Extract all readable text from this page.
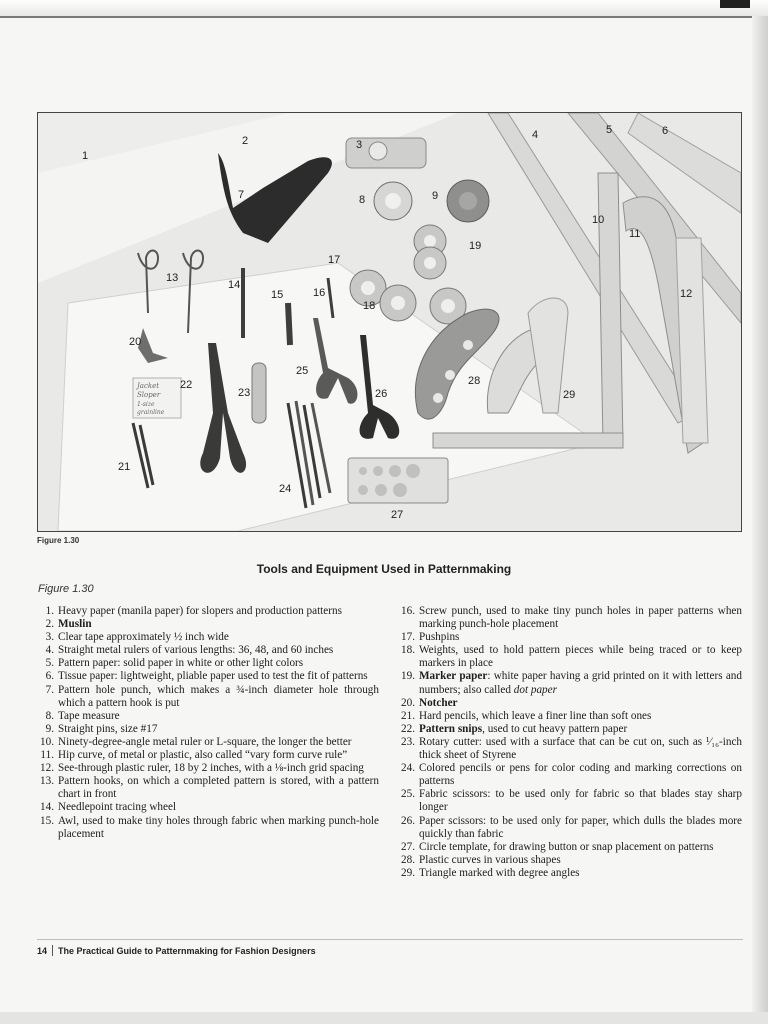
Jacket
Sloper
1-size
grainline
1
2	3
4	5	6
7	8	9
10
11
12
13
14
15	16
17
18
19
20
21
22
23
24
25
26
27
28
29
Figure 1.30
Tools and Equipment Used in Patternmaking
Figure 1.30
1. Heavy paper (manila paper) for slopers and production patterns
2. Muslin
3. Clear tape approximately ½ inch wide
4. Straight metal rulers of various lengths: 36, 48, and 60 inches
5. Pattern paper: solid paper in white or other light colors
6. Tissue paper: lightweight, pliable paper used to test the fit of patterns
7. Pattern hole punch, which makes a ¾-inch diameter hole through which a pattern hook is put
8. Tape measure
9. Straight pins, size #17
10. Ninety-degree-angle metal ruler or L-square, the longer the better
11. Hip curve, of metal or plastic, also called “vary form curve rule”
12. See-through plastic ruler, 18 by 2 inches, with a ⅛-inch grid spacing
13. Pattern hooks, on which a completed pattern is stored, with a pattern chart in front
14. Needlepoint tracing wheel
15. Awl, used to make tiny holes through fabric when marking punch-hole placement
16. Screw punch, used to make tiny punch holes in paper patterns when marking punch-hole placement
17. Pushpins
18. Weights, used to hold pattern pieces while being traced or to keep markers in place
19. Marker paper: white paper having a grid printed on it with letters and numbers; also called dot paper
20. Notcher
21. Hard pencils, which leave a finer line than soft ones
22. Pattern snips, used to cut heavy pattern paper
23. Rotary cutter: used with a surface that can be cut on, such as ¹⁄₁₆-inch thick sheet of Styrene
24. Colored pencils or pens for color coding and marking corrections on patterns
25. Fabric scissors: to be used only for fabric so that blades stay sharp longer
26. Paper scissors: to be used only for paper, which dulls the blades more quickly than fabric
27. Circle template, for drawing button or snap placement on patterns
28. Plastic curves in various shapes
29. Triangle marked with degree angles
14 The Practical Guide to Patternmaking for Fashion Designers
